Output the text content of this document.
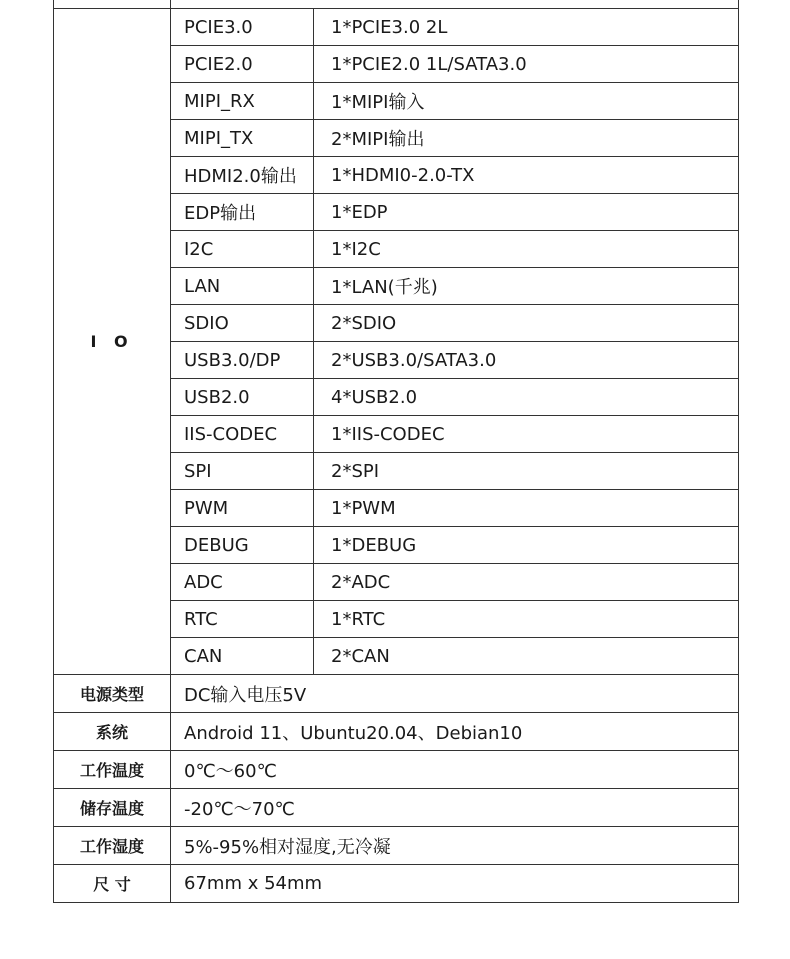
I O	PCIE3.0	1*PCIE3.0 2L
	PCIE2.0	1*PCIE2.0 1L/SATA3.0
	MIPI_RX	1*MIPI输入
	MIPI_TX	2*MIPI输出
	HDMI2.0输出	1*HDMI0-2.0-TX
	EDP输出	1*EDP
	I2C	1*I2C
	LAN	1*LAN(千兆)
	SDIO	2*SDIO
	USB3.0/DP	2*USB3.0/SATA3.0
	USB2.0	4*USB2.0
	IIS-CODEC	1*IIS-CODEC
	SPI	2*SPI
	PWM	1*PWM
	DEBUG	1*DEBUG
	ADC	2*ADC
	RTC	1*RTC
	CAN	2*CAN
电源类型	DC输入电压5V	
系统	Android 11、Ubuntu20.04、Debian10	
工作温度	0℃～60℃	
储存温度	-20℃～70℃	
工作湿度	5%-95%相对湿度,无冷凝	
尺 寸	67mm x 54mm	
